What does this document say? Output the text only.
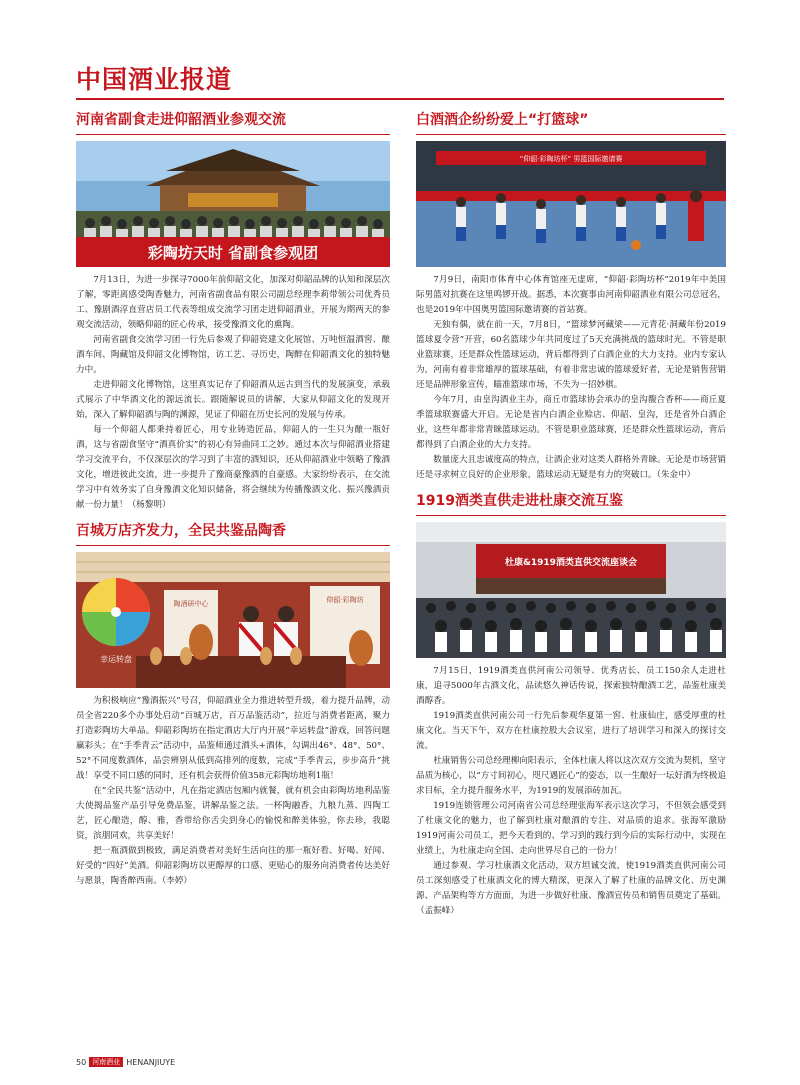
中国酒业报道
河南省副食走进仰韶酒业参观交流
彩陶坊天时 省副食参观团

7月13日，为进一步探寻7000年前仰韶文化，加深对仰韶品牌的认知和深层次了解，零距离感受陶香魅力，河南省副食品有限公司副总经理李莉带领公司优秀员工、豫剧酒淳直营店员工代表等组成交流学习团走进仰韶酒业，开展为期两天的参观交流活动，领略仰韶的匠心传承，接受豫酒文化的熏陶。

河南省副食交流学习团一行先后参观了仰韶瓷建文化展馆、万吨恒温酒窖、酿酒车间、陶藏馆及仰韶文化博物馆，访工艺、寻历史，陶醉在仰韶酒文化的独特魅力中。

走进仰韶文化博物馆，这里真实记存了仰韶酒从远古到当代的发展演变，承载式展示了中华酒文化的源远流长。跟随解说员的讲解，大家从仰韶文化的发现开始，深入了解仰韶酒与陶的渊源，见证了仰韶在历史长河的发展与传承。

每一个仰韶人都秉持着匠心，用专业铸造匠品，仰韶人的一生只为酿一瓶好酒，这与省副食坚守“酒真价实”的初心有异曲同工之妙。通过本次与仰韶酒业搭建学习交流平台，不仅深层次的学习到了丰富的酒知识，还从仰韶酒业中领略了豫酒文化，增进彼此交流，进一步提升了豫商豪豫酒的自豪感。大家纷纷表示，在交流学习中有效务实了自身豫酒文化知识储备，将会继续为传播豫酒文化、振兴豫酒贡献一份力量！（杨黎明）

百城万店齐发力，全民共鉴品陶香
幸运转盘
陶酒研中心	仰韶·彩陶坊

为积极响应“豫酒振兴”号召，仰韶酒业全力推进转型升级，着力提升品牌，动员全省220多个办事处启动“百城万店，百万品鉴活动”，拉近与消费者距离，聚力打造彩陶坊大单品。仰韶彩陶坊在指定酒店大厅内开展“幸运转盘”游戏，回答问题赢彩头；在“手季青云”活动中，品鉴师通过酒头+酒体，勾调出46°、48°、50°、52°不同度数酒体，品尝辨别从低到高排列的度数，完成“手季青云，步步高升”挑战！享受不同口感的同时，还有机会获得价值358元彩陶坊地利1瓶！

在“全民共鉴”活动中，凡在指定酒店包厢内就餐，就有机会由彩陶坊地利品鉴大使揭品鉴产品引导免费品鉴，讲解品鉴之法。一杯陶融香，九粮九蒸、四陶工艺，匠心酿造，醇、雅，香带给你舌尖到身心的愉悦和醉美体验，你去珍，我聪资，滨朋同欢，共享美好！

把一瓶酒做到极致，满足消费者对美好生活向往的那一瓶好看、好喝、好闻、好受的“四好”美酒。仰韶彩陶坊以更醇厚的口感、更贴心的服务向消费者传达美好与愿景，陶香醉西南。（李婷）

白酒酒企纷纷爱上“打篮球”
“仰韶·彩陶坊杯” 男篮国际邀请赛

7月9日，南阳市体育中心体育馆座无虚席，“仰韶·彩陶坊杯”2019年中美国际男篮对抗赛在这里鸣锣开战。据悉，本次赛事由河南仰韶酒业有限公司总冠名，也是2019年中国奥男篮国际邀请赛的首站赛。

无独有偶，就在前一天，7月8日，“篮球梦河藏梁——元青花·洞藏年份2019篮球夏令营”开营，60名篮球少年共同度过了5天充满挑战的篮球时光。不管是职业篮球赛，还是群众性篮球运动，背后都得到了白酒企业的大力支持。业内专家认为，河南有着非常雄厚的篮球基础，有着非常忠诚的篮球爱好者，无论是销售营销还是品牌形象宣传，瞄准篮球市场，不失为一招妙棋。

今年7月，由皇沟酒业主办，商丘市篮球协会承办的皇沟馥合香杯——商丘夏季篮球联赛盛大开启。无论是省内白酒企业赊店、仰韶、皇沟，还是省外白酒企业，这些年都非常青睐篮球运动。不管是职业篮球赛，还是群众性篮球运动，背后都得到了白酒企业的大力支持。

数量庞大且忠诚度高的特点，让酒企业对这类人群格外青睐。无论是市场营销还是寻求树立良好的企业形象，篮球运动无疑是有力的突破口。（朱金中）

1919酒类直供走进杜康交流互鉴
杜康&1919酒类直供交流座谈会

7月15日，1919酒类直供河南公司领导、优秀店长、员工150余人走进杜康，追寻5000年古酒文化，品读悠久神话传说，探索独特酿酒工艺，品鉴杜康美酒醇香。

1919酒类直供河南公司一行先后参观华夏第一窖、杜康仙庄，感受厚重的杜康文化。当天下午，双方在杜康控股大会议室，进行了培训学习和深入的探讨交流。

杜康销售公司总经理柳向阳表示，全体杜康人将以这次双方交流为契机，坚守品质为核心，以“方寸间初心，咫尺遇匠心”的姿态，以一生酿好一坛好酒为终极追求目标，全力提升服务水平，为1919的发展添砖加瓦。

1919连锁管理公司河南省公司总经理张海军表示这次学习，不但领会感受到了杜康文化的魅力，也了解到杜康对酿酒的专注、对品质的追求。张海军激励1919河南公司员工，把今天看到的、学习到的践行到今后的实际行动中，实现在业绩上，为杜康走向全国、走向世界尽自己的一份力！

通过参观、学习杜康酒文化活动，双方坦诚交流，使1919酒类直供河南公司员工深刻感受了杜康酒文化的博大精深，更深入了解了杜康的品牌文化、历史渊源、产品架构等方方面面，为进一步做好杜康、豫酒宣传员和销售员奠定了基础。（孟振峰）

50 河南酒业 HENANJIUYE
